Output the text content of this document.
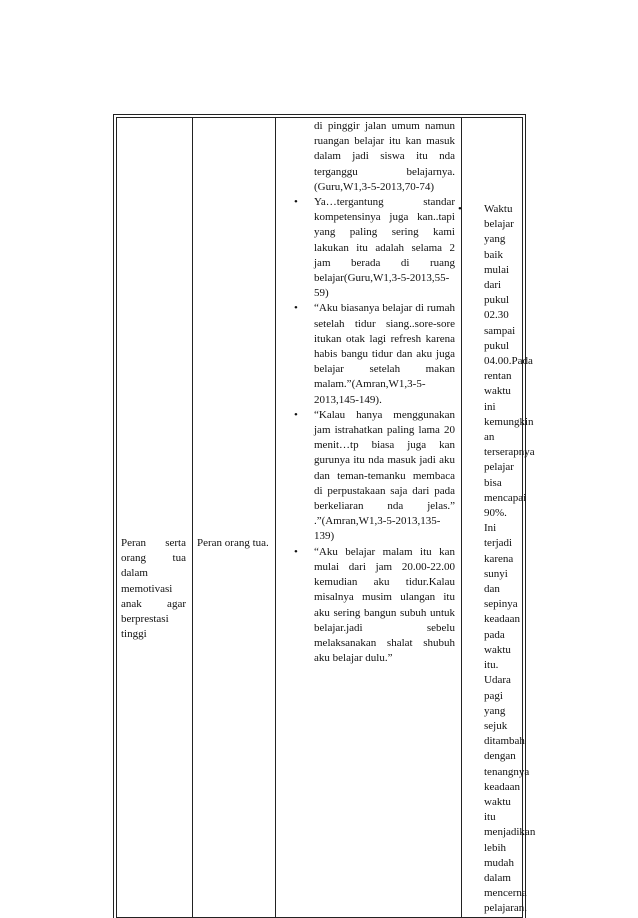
Peran serta orang tua dalam memotivasi anak agar berprestasi tinggi

Peran orang tua.

di pinggir jalan umum namun ruangan belajar itu kan masuk dalam jadi siswa itu nda terganggu belajarnya. (Guru,W1,3-5-2013,70-74)

• Ya…tergantung standar kompetensinya juga kan..tapi yang paling sering kami lakukan itu adalah selama 2 jam berada di ruang belajar(Guru,W1,3-5-2013,55-59)
• “Aku biasanya belajar di rumah setelah tidur siang..sore-sore itukan otak lagi refresh karena habis bangu tidur dan aku juga belajar setelah makan malam.”(Amran,W1,3-5-2013,145-149).
• “Kalau hanya menggunakan jam istrahatkan paling lama 20 menit…tp biasa juga kan gurunya itu nda masuk jadi aku dan teman-temanku membaca di perpustakaan saja dari pada berkeliaran nda jelas.” .”(Amran,W1,3-5-2013,135-139)
• “Aku belajar malam itu kan mulai dari jam 20.00-22.00 kemudian aku tidur.Kalau misalnya musim ulangan itu aku sering bangun subuh untuk belajar.jadi sebelu melaksanakan shalat shubuh aku belajar dulu.”

• Waktu belajar yang baik mulai dari pukul 02.30 sampai pukul 04.00.Pada rentan waktu ini kemungkin an terserapnya pelajar bisa mencapai 90%. Ini terjadi karena sunyi dan sepinya keadaan pada waktu itu. Udara pagi yang sejuk ditambah dengan tenangnya keadaan waktu itu menjadikan lebih mudah dalam mencerna pelajaran.
